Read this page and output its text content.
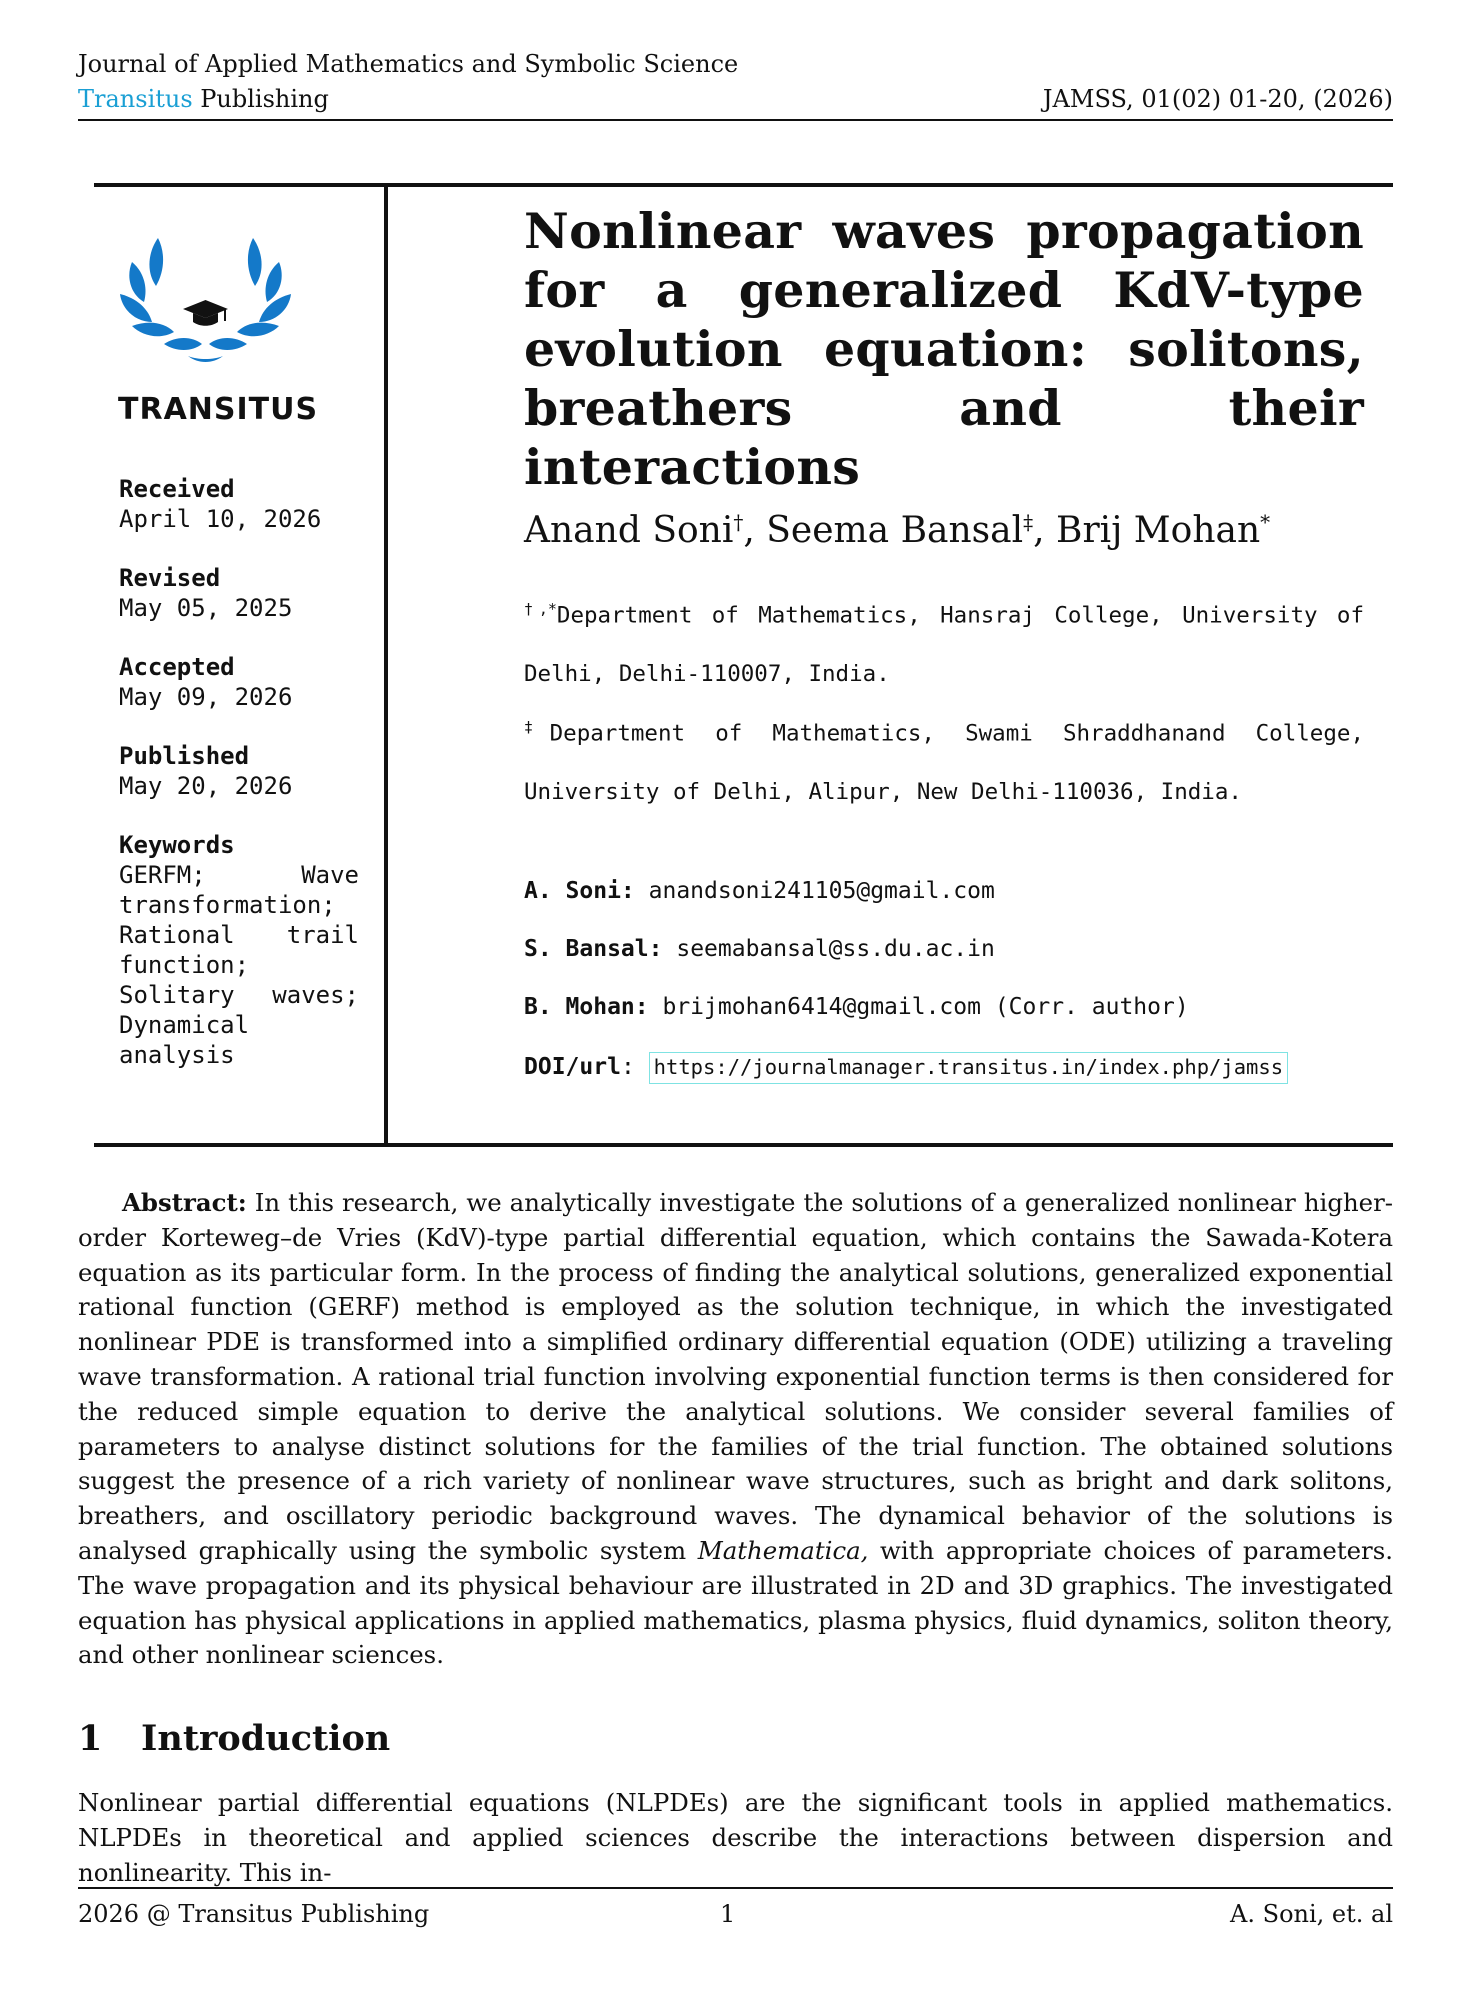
Journal of Applied Mathematics and Symbolic Science
Transitus Publishing	JAMSS, 01(02) 01-20, (2026)
TRANSITUS
Received
April 10, 2026
Revised
May 05, 2025
Accepted
May 09, 2026
Published
May 20, 2026
Keywords
GERFM; Wave transformation; Rational trail function; Solitary waves; Dynamical analysis
Nonlinear waves propagation for a generalized KdV-type evolution equation: solitons, breathers and their interactions
Anand Soni†, Seema Bansal‡, Brij Mohan*
†,*Department of Mathematics, Hansraj College, University of Delhi, Delhi-110007, India.
‡Department of Mathematics, Swami Shraddhanand College, University of Delhi, Alipur, New Delhi-110036, India.
A. Soni: anandsoni241105@gmail.com
S. Bansal: seemabansal@ss.du.ac.in
B. Mohan: brijmohan6414@gmail.com (Corr. author)
DOI/url: https://journalmanager.transitus.in/index.php/jamss
Abstract: In this research, we analytically investigate the solutions of a generalized nonlinear higher-order Korteweg–de Vries (KdV)-type partial differential equation, which contains the Sawada-Kotera equation as its particular form. In the process of finding the analytical solutions, generalized exponential rational function (GERF) method is employed as the solution technique, in which the investigated nonlinear PDE is transformed into a simplified ordinary differential equation (ODE) utilizing a traveling wave transformation. A rational trial function involving exponential function terms is then considered for the reduced simple equation to derive the analytical solutions. We consider several families of parameters to analyse distinct solutions for the families of the trial function. The obtained solutions suggest the presence of a rich variety of nonlinear wave structures, such as bright and dark solitons, breathers, and oscillatory periodic background waves. The dynamical behavior of the solutions is analysed graphically using the symbolic system Mathematica, with appropriate choices of parameters. The wave propagation and its physical behaviour are illustrated in 2D and 3D graphics. The investigated equation has physical applications in applied mathematics, plasma physics, fluid dynamics, soliton theory, and other nonlinear sciences.
1 Introduction
Nonlinear partial differential equations (NLPDEs) are the significant tools in applied mathematics. NLPDEs in theoretical and applied sciences describe the interactions between dispersion and nonlinearity. This in-
2026 @ Transitus Publishing	1	A. Soni, et. al
